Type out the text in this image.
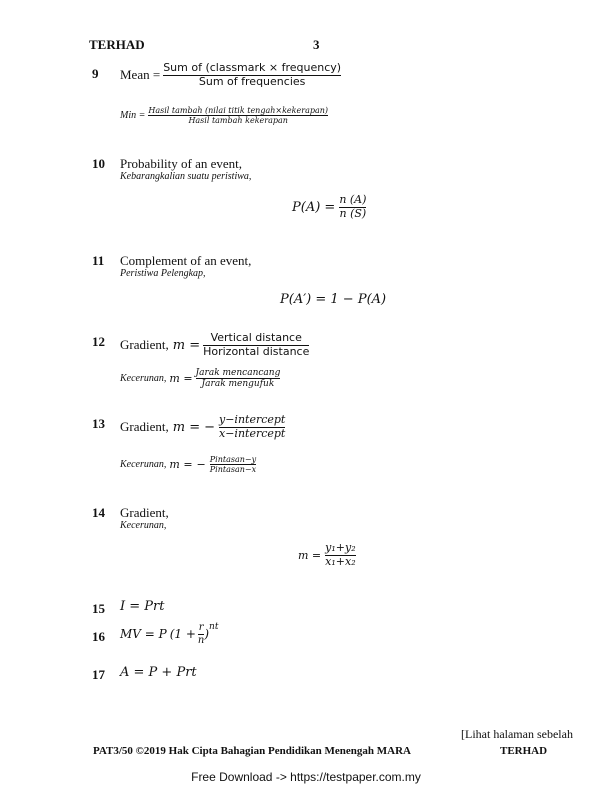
TERHAD	3
9 Mean = $\frac{\text{Sum of (classmark × frequency)}}{\text{Sum of frequencies}}$
Min = $\frac{\text{Hasil tambah (nilai titik tengah×kekerapan)}}{\text{Hasil tambah kekerapan}}$
10 Probability of an event,
Kebarangkalian suatu peristiwa,
$P(A) = \frac{n (A)}{n (S)}$
11 Complement of an event,
Peristiwa Pelengkap,
P(A′) = 1 − P(A)
12 Gradient, $m = \frac{\text{Vertical distance}}{\text{Horizontal distance}}$
Kecerunan, $m = \frac{\text{Jarak mencancang}}{\text{Jarak mengufuk}}$
13 Gradient, m = − $\frac{\text{y−intercept}}{\text{x−intercept}}$
Kecerunan, m = − $\frac{\text{Pintasan−y}}{\text{Pintasan−x}}$
14 Gradient,
Kecerunan,
$m = \frac{\text{y₁+y₂}}{\text{x₁+x₂}}$
15 I = Prt
16 MV = P ($1 + \frac{r}{n}$ ) nt
17 A = P + Prt
[Lihat halaman sebelah
PAT3/50 ©2019 Hak Cipta Bahagian Pendidikan Menengah MARA	TERHAD
Free Download -> https://testpaper.com.my
